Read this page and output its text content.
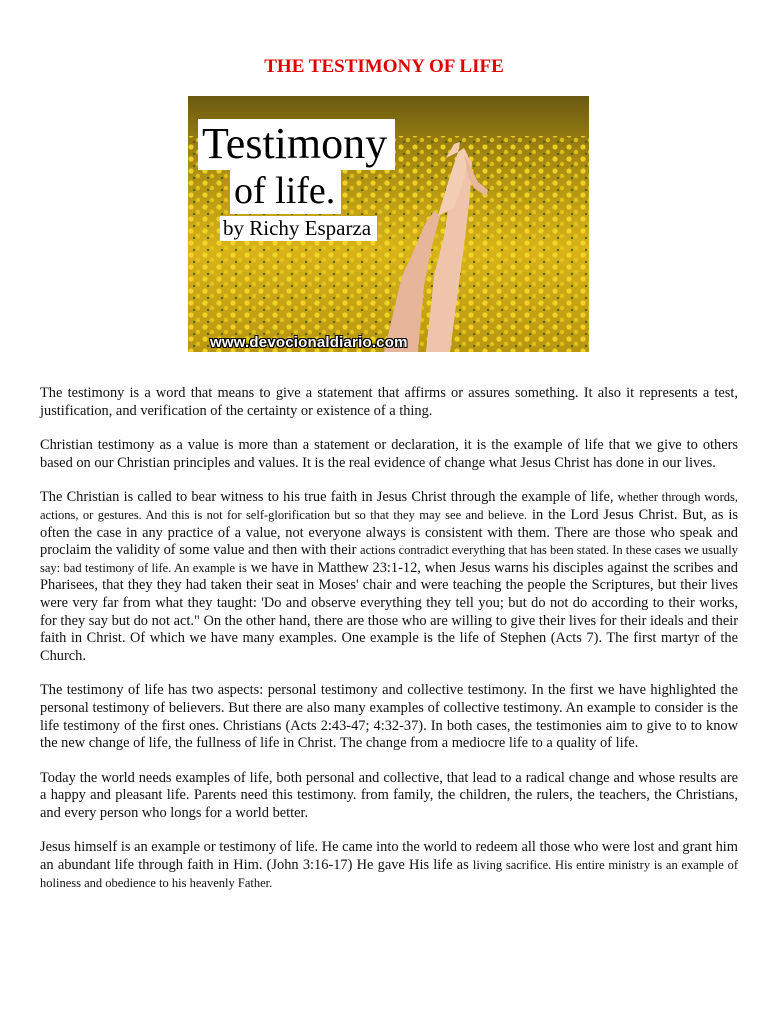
THE TESTIMONY OF LIFE
Testimony
of life.
by Richy Esparza
www.devocionaldiario.com

The testimony is a word that means to give a statement that affirms or assures something. It also it represents a test, justification, and verification of the certainty or existence of a thing.

Christian testimony as a value is more than a statement or declaration, it is the example of life that we give to others based on our Christian principles and values. It is the real evidence of change what Jesus Christ has done in our lives.

The Christian is called to bear witness to his true faith in Jesus Christ through the example of life, whether through words, actions, or gestures. And this is not for self-glorification but so that they may see and believe. in the Lord Jesus Christ. But, as is often the case in any practice of a value, not everyone always is consistent with them. There are those who speak and proclaim the validity of some value and then with their actions contradict everything that has been stated. In these cases we usually say: bad testimony of life. An example is we have in Matthew 23:1-12, when Jesus warns his disciples against the scribes and Pharisees, that they they had taken their seat in Moses' chair and were teaching the people the Scriptures, but their lives were very far from what they taught: 'Do and observe everything they tell you; but do not do according to their works, for they say but do not act." On the other hand, there are those who are willing to give their lives for their ideals and their faith in Christ. Of which we have many examples. One example is the life of Stephen (Acts 7). The first martyr of the Church.

The testimony of life has two aspects: personal testimony and collective testimony. In the first we have highlighted the personal testimony of believers. But there are also many examples of collective testimony. An example to consider is the life testimony of the first ones. Christians (Acts 2:43-47; 4:32-37). In both cases, the testimonies aim to give to to know the new change of life, the fullness of life in Christ. The change from a mediocre life to a quality of life.

Today the world needs examples of life, both personal and collective, that lead to a radical change and whose results are a happy and pleasant life. Parents need this testimony. from family, the children, the rulers, the teachers, the Christians, and every person who longs for a world better.

Jesus himself is an example or testimony of life. He came into the world to redeem all those who were lost and grant him an abundant life through faith in Him. (John 3:16-17) He gave His life as living sacrifice. His entire ministry is an example of holiness and obedience to his heavenly Father.
